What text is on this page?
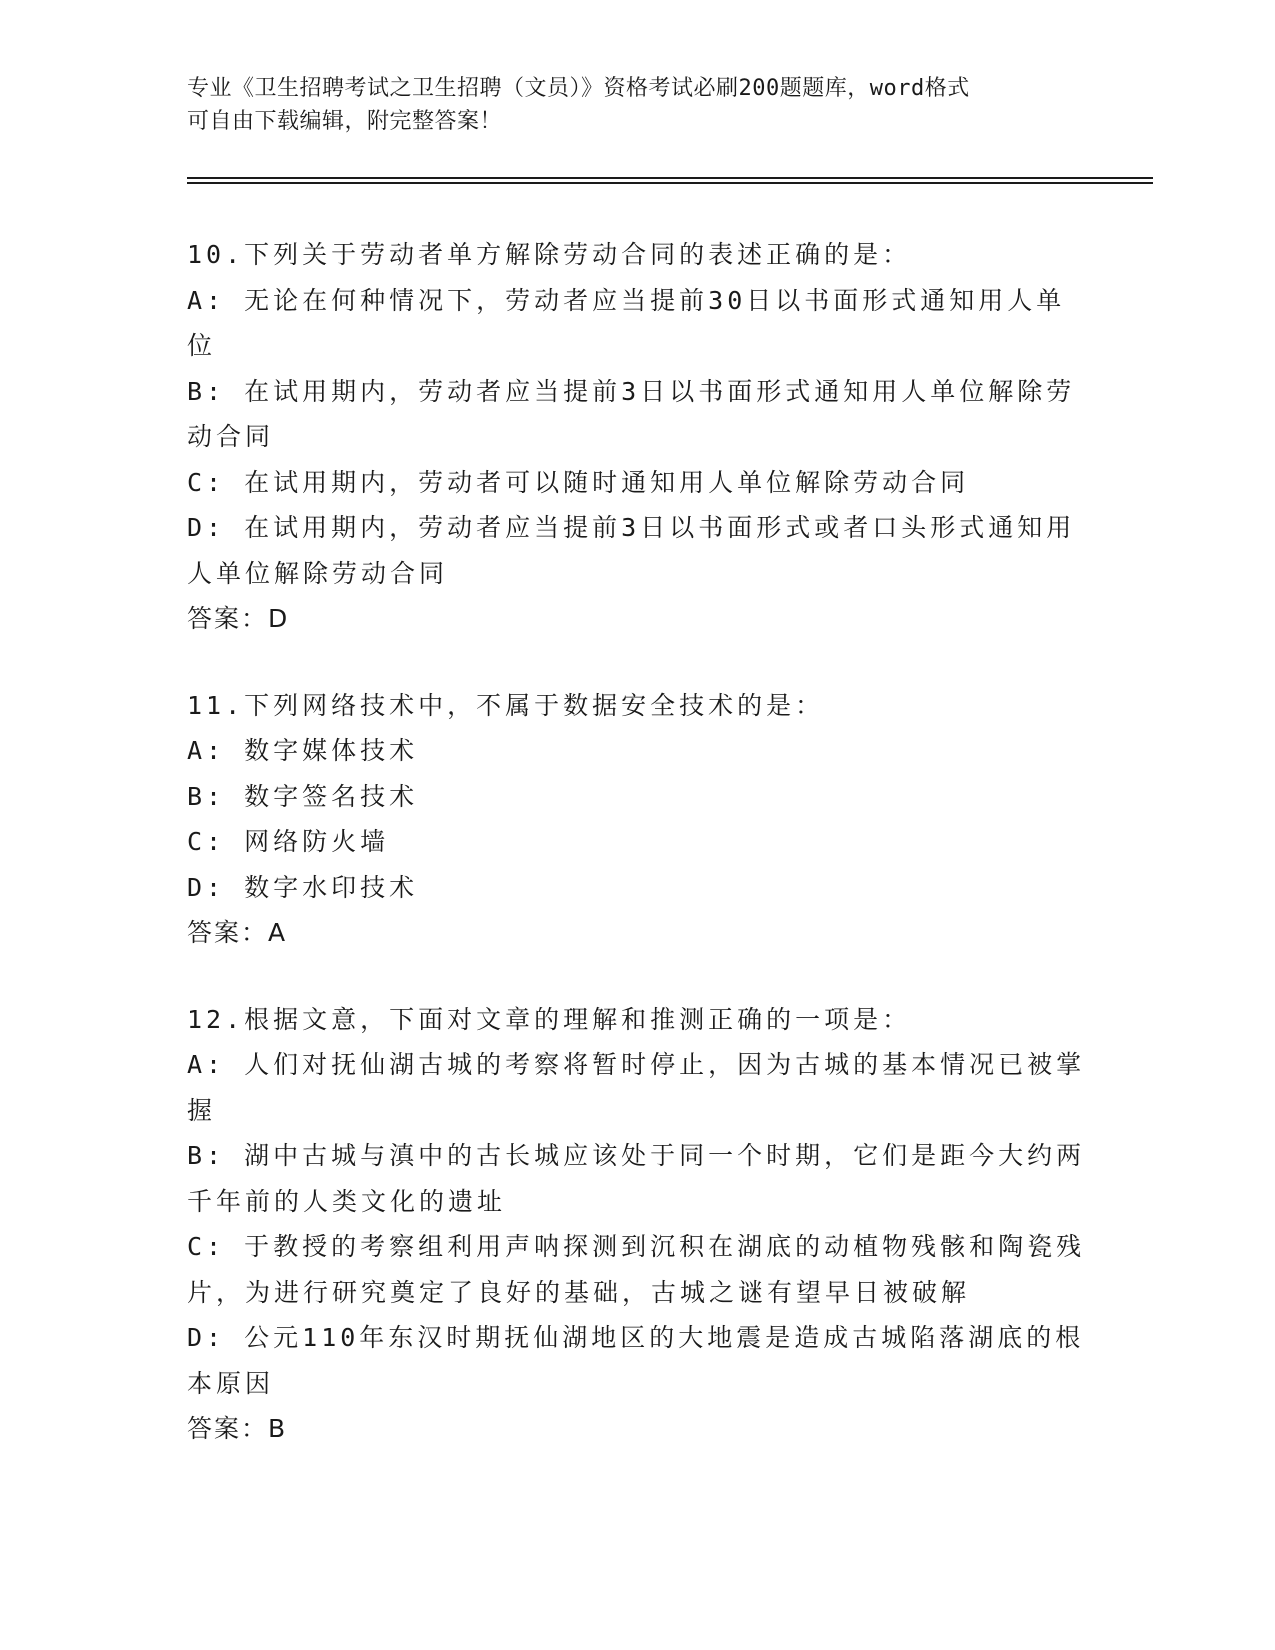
专业《卫生招聘考试之卫生招聘（文员）》资格考试必刷200题题库，word格式
可自由下载编辑，附完整答案！

10.下列关于劳动者单方解除劳动合同的表述正确的是：

A: 无论在何种情况下，劳动者应当提前30日以书面形式通知用人单

位

B: 在试用期内，劳动者应当提前3日以书面形式通知用人单位解除劳

动合同

C: 在试用期内，劳动者可以随时通知用人单位解除劳动合同

D: 在试用期内，劳动者应当提前3日以书面形式或者口头形式通知用

人单位解除劳动合同

答案：D

11.下列网络技术中，不属于数据安全技术的是：

A: 数字媒体技术

B: 数字签名技术

C: 网络防火墙

D: 数字水印技术

答案：A

12.根据文意，下面对文章的理解和推测正确的一项是：

A: 人们对抚仙湖古城的考察将暂时停止，因为古城的基本情况已被掌

握

B: 湖中古城与滇中的古长城应该处于同一个时期，它们是距今大约两

千年前的人类文化的遗址

C: 于教授的考察组利用声呐探测到沉积在湖底的动植物残骸和陶瓷残

片，为进行研究奠定了良好的基础，古城之谜有望早日被破解

D: 公元110年东汉时期抚仙湖地区的大地震是造成古城陷落湖底的根

本原因

答案：B
